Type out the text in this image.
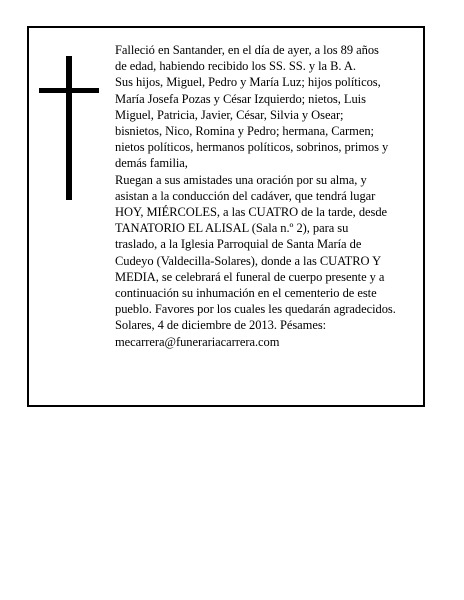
Falleció en Santander, en el día de ayer, a los 89 años

de edad, habiendo recibido los SS. SS. y la B. A.

Sus hijos, Miguel, Pedro y María Luz; hijos políticos,

María Josefa Pozas y César Izquierdo; nietos, Luis

Miguel, Patricia, Javier, César, Silvia y Osear;

bisnietos, Nico, Romina y Pedro; hermana, Carmen;

nietos políticos, hermanos políticos, sobrinos, primos y

demás familia,

Ruegan a sus amistades una oración por su alma, y

asistan a la conducción del cadáver, que tendrá lugar

HOY, MIÉRCOLES, a las CUATRO de la tarde, desde

TANATORIO EL ALISAL (Sala n.º 2), para su

traslado, a la Iglesia Parroquial de Santa María de

Cudeyo (Valdecilla-Solares), donde a las CUATRO Y

MEDIA, se celebrará el funeral de cuerpo presente y a

continuación su inhumación en el cementerio de este

pueblo. Favores por los cuales les quedarán agradecidos.

Solares, 4 de diciembre de 2013. Pésames:

mecarrera@funerariacarrera.com
